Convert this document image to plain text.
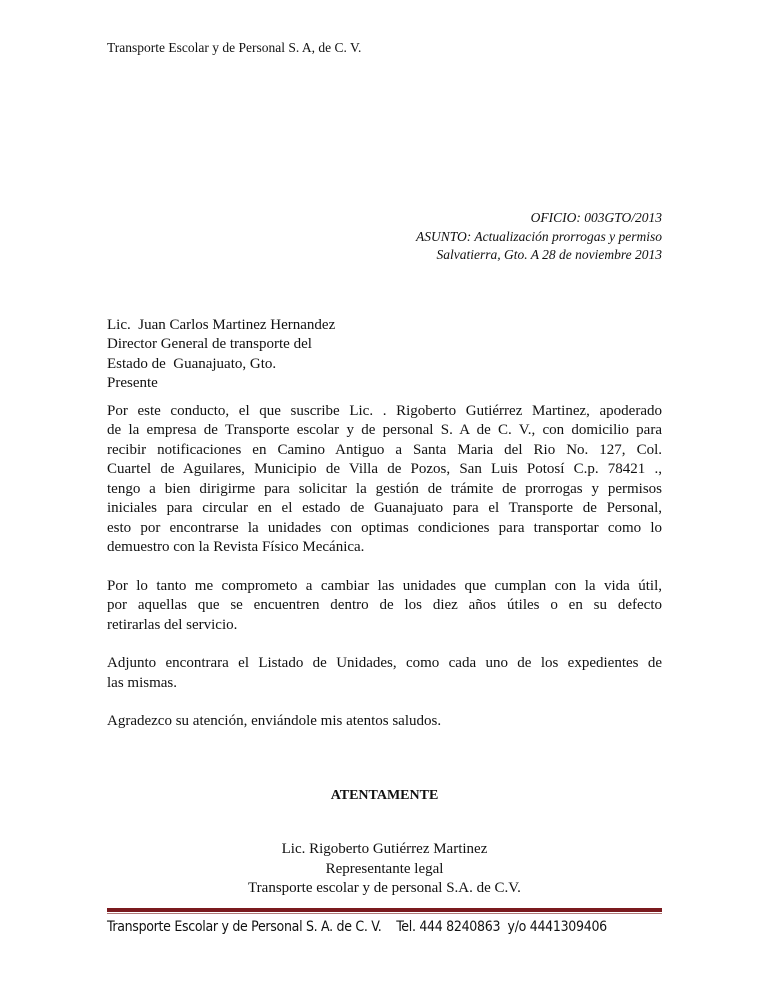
Transporte Escolar y de Personal S. A, de C. V.
OFICIO: 003GTO/2013
ASUNTO: Actualización prorrogas y permiso
Salvatierra, Gto. A 28 de noviembre 2013
Lic.  Juan Carlos Martinez Hernandez
Director General de transporte del
Estado de  Guanajuato, Gto.
Presente
Por este conducto, el que suscribe Lic. . Rigoberto Gutiérrez Martinez, apoderado
de la empresa de Transporte escolar y de personal S. A de C. V., con domicilio para
recibir notificaciones en Camino Antiguo a Santa Maria del Rio No. 127, Col.
Cuartel de Aguilares, Municipio de Villa de Pozos, San Luis Potosí C.p. 78421 .,
tengo a bien dirigirme para solicitar la gestión de trámite de prorrogas y permisos
iniciales para circular en el estado de Guanajuato para el Transporte de Personal,
esto por encontrarse la unidades con optimas condiciones para transportar como lo
demuestro con la Revista Físico Mecánica.
Por lo tanto me comprometo a cambiar las unidades que cumplan con la vida útil,
por aquellas que se encuentren dentro de los diez años útiles o en su defecto
retirarlas del servicio.
Adjunto encontrara el Listado de Unidades, como cada uno de los expedientes de
las mismas.
Agradezco su atención, enviándole mis atentos saludos.
ATENTAMENTE
Lic. Rigoberto Gutiérrez Martinez
Representante legal
Transporte escolar y de personal S.A. de C.V.
Transporte Escolar y de Personal S. A. de C. V.    Tel. 444 8240863  y/o 4441309406
